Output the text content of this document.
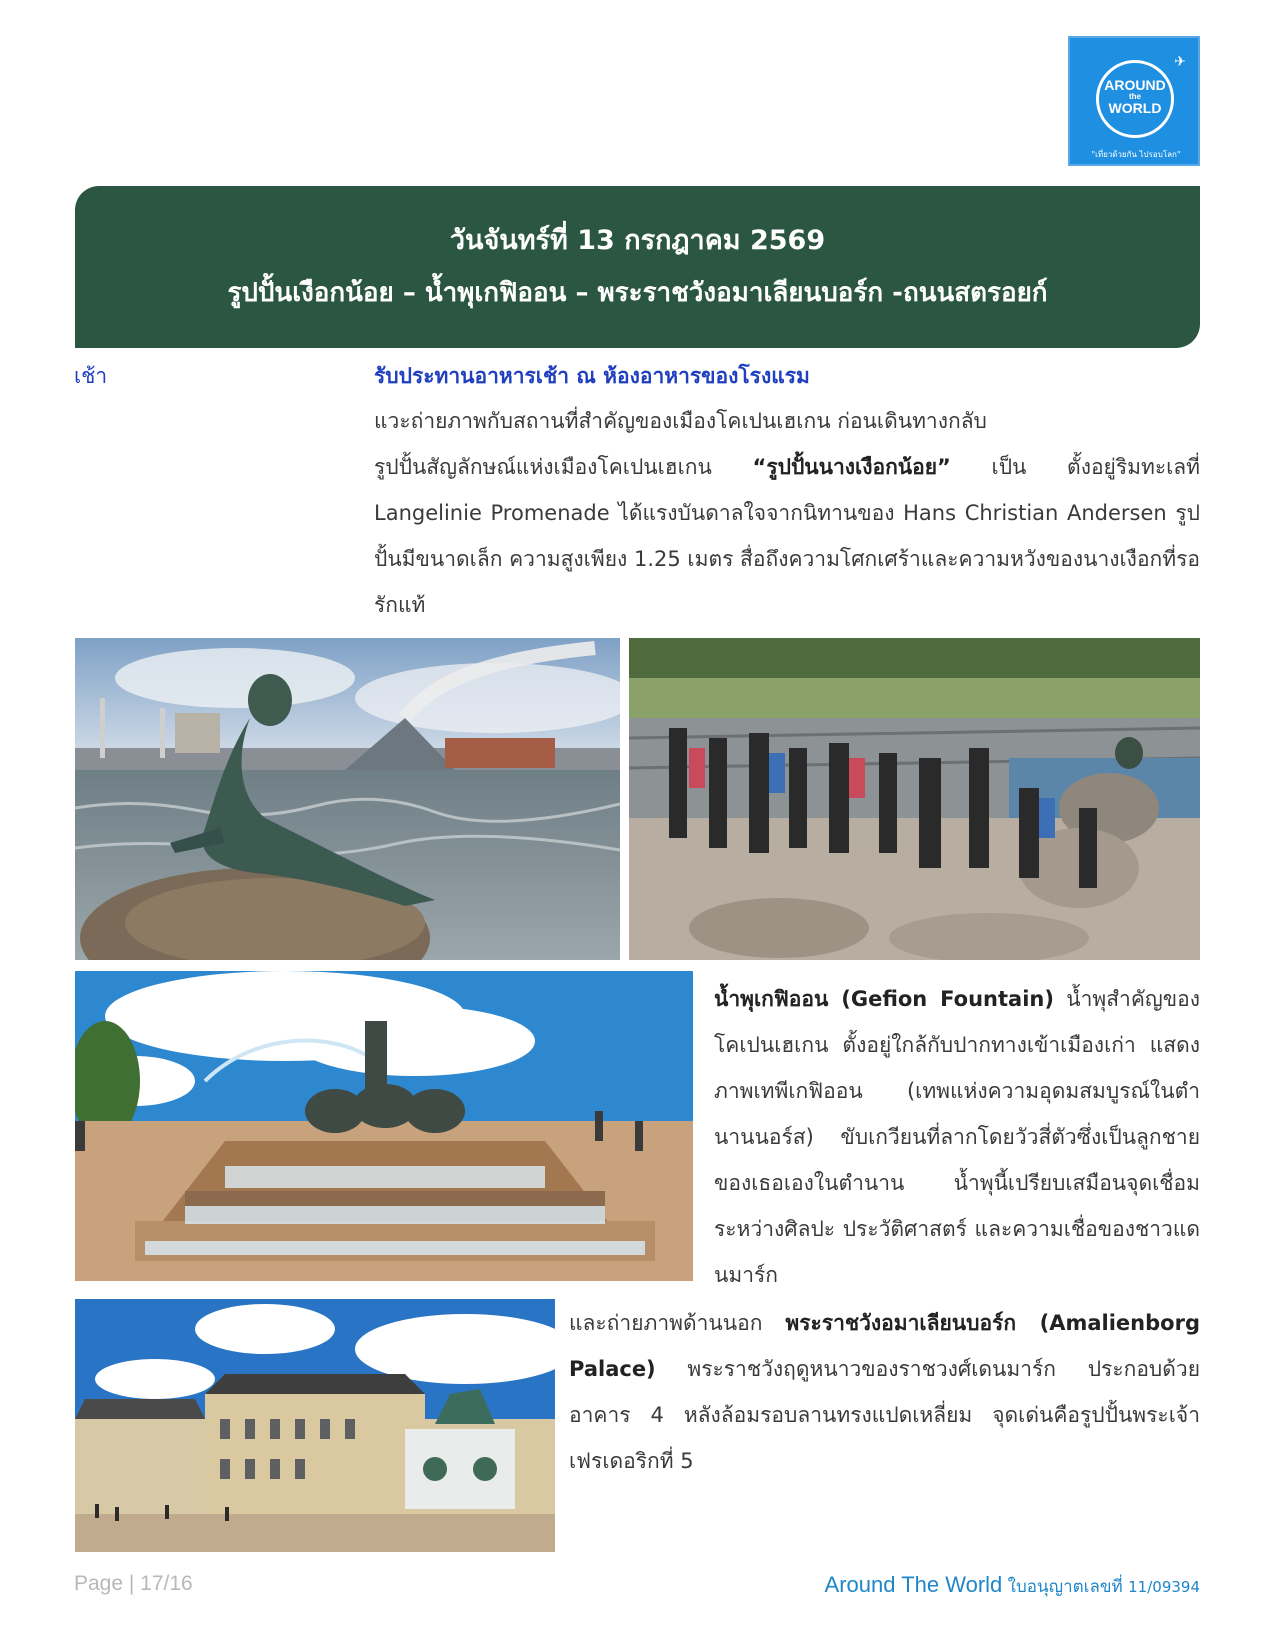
✈
AROUND
the
WORLD
"เที่ยวด้วยกัน ไปรอบโลก"
วันจันทร์ที่ 13 กรกฎาคม 2569
รูปปั้นเงือกน้อย – น้ำพุเกฟิออน – พระราชวังอมาเลียนบอร์ก -ถนนสตรอยก์
เช้า	รับประทานอาหารเช้า ณ ห้องอาหารของโรงแรม
แวะถ่ายภาพกับสถานที่สำคัญของเมืองโคเปนเฮเกน ก่อนเดินทางกลับ
รูปปั้นสัญลักษณ์แห่งเมืองโคเปนเฮเกน “รูปปั้นนางเงือกน้อย” เป็น ตั้งอยู่ริมทะเลที่ Langelinie Promenade ได้แรงบันดาลใจจากนิทานของ Hans Christian Andersen รูปปั้นมีขนาดเล็ก ความสูงเพียง 1.25 เมตร สื่อถึงความโศกเศร้าและความหวังของนางเงือกที่รอรักแท้
น้ำพุเกฟิออน (Gefion Fountain) น้ำพุสำคัญของโคเปนเฮเกน ตั้งอยู่ใกล้กับปากทางเข้าเมืองเก่า แสดงภาพเทพีเกฟิออน (เทพแห่งความอุดมสมบูรณ์ในตำนานนอร์ส) ขับเกวียนที่ลากโดยวัวสี่ตัวซึ่งเป็นลูกชายของเธอเองในตำนาน น้ำพุนี้เปรียบเสมือนจุดเชื่อมระหว่างศิลปะ ประวัติศาสตร์ และความเชื่อของชาวแดนมาร์ก
และถ่ายภาพด้านนอก พระราชวังอมาเลียนบอร์ก (Amalienborg Palace) พระราชวังฤดูหนาวของราชวงศ์เดนมาร์ก ประกอบด้วยอาคาร 4 หลังล้อมรอบลานทรงแปดเหลี่ยม จุดเด่นคือรูปปั้นพระเจ้าเฟรเดอริกที่ 5
Page | 17/16	Around The World ใบอนุญาตเลขที่ 11/09394
